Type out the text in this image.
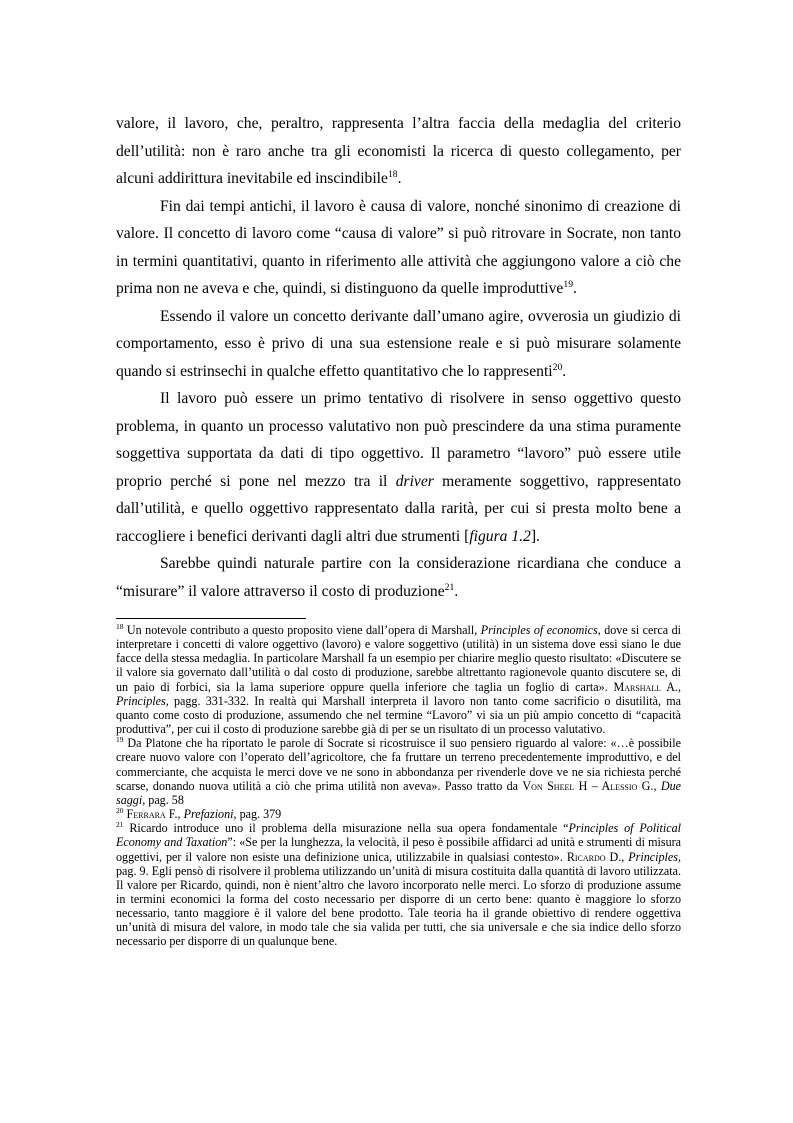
valore, il lavoro, che, peraltro, rappresenta l’altra faccia della medaglia del criterio dell’utilità: non è raro anche tra gli economisti la ricerca di questo collegamento, per alcuni addirittura inevitabile ed inscindibile$^{18}$.

Fin dai tempi antichi, il lavoro è causa di valore, nonché sinonimo di creazione di valore. Il concetto di lavoro come “causa di valore” si può ritrovare in Socrate, non tanto in termini quantitativi, quanto in riferimento alle attività che aggiungono valore a ciò che prima non ne aveva e che, quindi, si distinguono da quelle improduttive$^{19}$.

Essendo il valore un concetto derivante dall’umano agire, ovverosia un giudizio di comportamento, esso è privo di una sua estensione reale e si può misurare solamente quando si estrinsechi in qualche effetto quantitativo che lo rappresenti$^{20}$.

Il lavoro può essere un primo tentativo di risolvere in senso oggettivo questo problema, in quanto un processo valutativo non può prescindere da una stima puramente soggettiva supportata da dati di tipo oggettivo. Il parametro “lavoro” può essere utile proprio perché si pone nel mezzo tra il driver meramente soggettivo, rappresentato dall’utilità, e quello oggettivo rappresentato dalla rarità, per cui si presta molto bene a raccogliere i benefici derivanti dagli altri due strumenti [figura 1.2].

Sarebbe quindi naturale partire con la considerazione ricardiana che conduce a “misurare” il valore attraverso il costo di produzione$^{21}$.

$^{18}$ Un notevole contributo a questo proposito viene dall’opera di Marshall, Principles of economics, dove si cerca di interpretare i concetti di valore oggettivo (lavoro) e valore soggettivo (utilità) in un sistema dove essi siano le due facce della stessa medaglia. In particolare Marshall fa un esempio per chiarire meglio questo risultato: «Discutere se il valore sia governato dall’utilità o dal costo di produzione, sarebbe altrettanto ragionevole quanto discutere se, di un paio di forbici, sia la lama superiore oppure quella inferiore che taglia un foglio di carta». Marshall A., Principles, pagg. 331-332. In realtà qui Marshall interpreta il lavoro non tanto come sacrificio o disutilità, ma quanto come costo di produzione, assumendo che nel termine “Lavoro” vi sia un più ampio concetto di “capacità produttiva”, per cui il costo di produzione sarebbe già di per se un risultato di un processo valutativo.

$^{19}$ Da Platone che ha riportato le parole di Socrate si ricostruisce il suo pensiero riguardo al valore: «…è possibile creare nuovo valore con l’operato dell’agricoltore, che fa fruttare un terreno precedentemente improduttivo, e del commerciante, che acquista le merci dove ve ne sono in abbondanza per rivenderle dove ve ne sia richiesta perché scarse, donando nuova utilità a ciò che prima utilità non aveva». Passo tratto da Von Sheel H – Alessio G., Due saggi, pag. 58

$^{20}$ Ferrara F., Prefazioni, pag. 379

$^{21}$ Ricardo introduce uno il problema della misurazione nella sua opera fondamentale “Principles of Political Economy and Taxation”: «Se per la lunghezza, la velocità, il peso è possibile affidarci ad unità e strumenti di misura oggettivi, per il valore non esiste una definizione unica, utilizzabile in qualsiasi contesto». Ricardo D., Principles, pag. 9. Egli pensò di risolvere il problema utilizzando un’unità di misura costituita dalla quantità di lavoro utilizzata. Il valore per Ricardo, quindi, non è nient’altro che lavoro incorporato nelle merci. Lo sforzo di produzione assume in termini economici la forma del costo necessario per disporre di un certo bene: quanto è maggiore lo sforzo necessario, tanto maggiore è il valore del bene prodotto. Tale teoria ha il grande obiettivo di rendere oggettiva un’unità di misura del valore, in modo tale che sia valida per tutti, che sia universale e che sia indice dello sforzo necessario per disporre di un qualunque bene.
